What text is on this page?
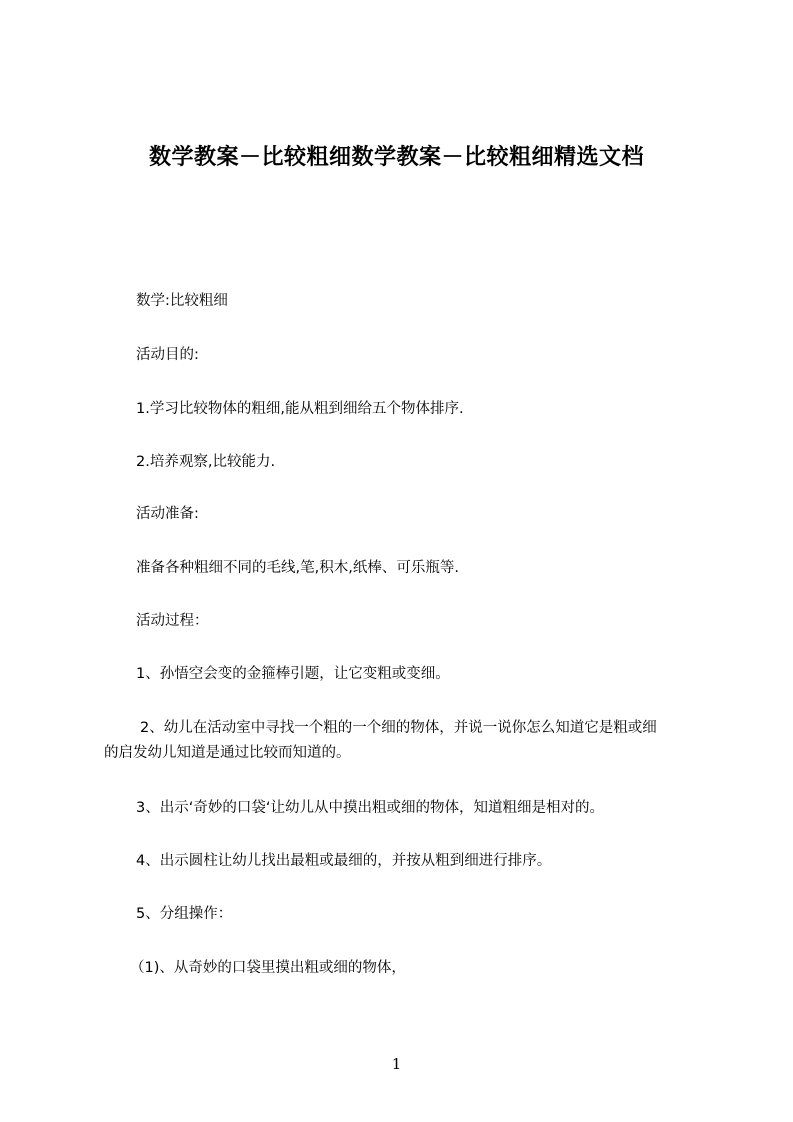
数学教案－比较粗细数学教案－比较粗细精选文档
数学:比较粗细
活动目的:
1.学习比较物体的粗细,能从粗到细给五个物体排序.
2.培养观察,比较能力.
活动准备:
准备各种粗细不同的毛线,笔,积木,纸棒、可乐瓶等.
活动过程：
1、孙悟空会变的金箍棒引题，让它变粗或变细。
2、幼儿在活动室中寻找一个粗的一个细的物体，并说一说你怎么知道它是粗或细
的启发幼儿知道是通过比较而知道的。
3、出示‘奇妙的口袋‘让幼儿从中摸出粗或细的物体，知道粗细是相对的。
4、出示圆柱让幼儿找出最粗或最细的，并按从粗到细进行排序。
5、分组操作：
（1)、从奇妙的口袋里摸出粗或细的物体，
1
